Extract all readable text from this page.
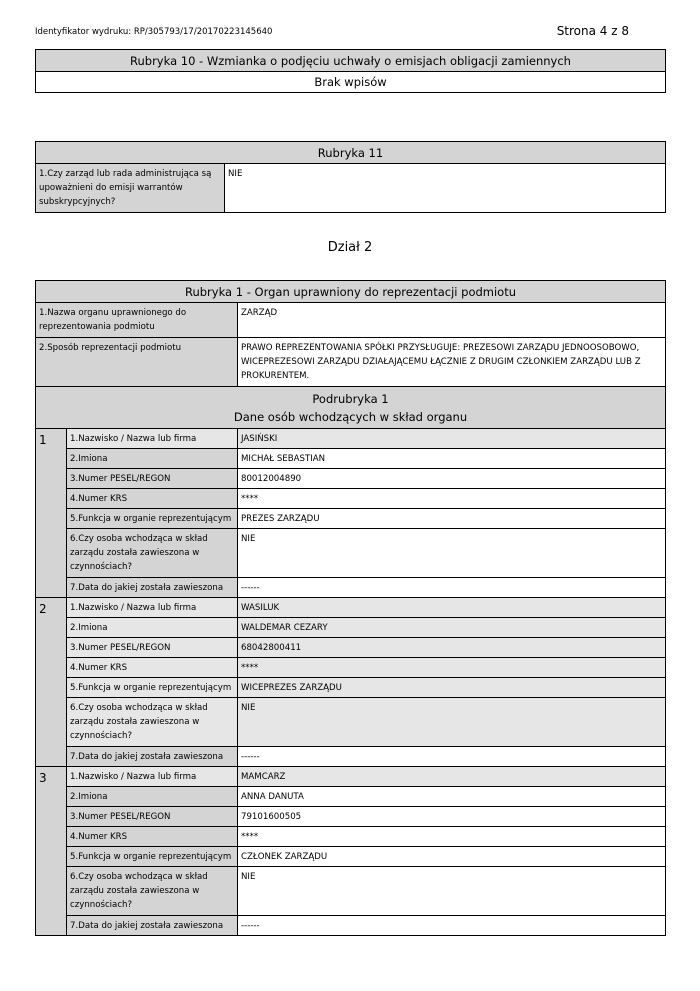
Identyfikator wydruku: RP/305793/17/20170223145640	Strona 4 z 8
Rubryka 10 - Wzmianka o podjęciu uchwały o emisjach obligacji zamiennych
Brak wpisów
Rubryka 11
1.Czy zarząd lub rada administrująca są upoważnieni do emisji warrantów subskrypcyjnych?	NIE
Dział 2
Rubryka 1 - Organ uprawniony do reprezentacji podmiotu		
1.Nazwa organu uprawnionego do reprezentowania podmiotu		ZARZĄD
2.Sposób reprezentacji podmiotu		PRAWO REPREZENTOWANIA SPÓŁKI PRZYSŁUGUJE: PREZESOWI ZARZĄDU JEDNOOSOBOWO, WICEPREZESOWI ZARZĄDU DZIAŁAJĄCEMU ŁĄCZNIE Z DRUGIM CZŁONKIEM ZARZĄDU LUB Z PROKURENTEM.

Podrubryka 1
Dane osób wchodzących w skład organu		

1	1.Nazwisko / Nazwa lub firma	JASIŃSKI
	2.Imiona	MICHAŁ SEBASTIAN
	3.Numer PESEL/REGON	80012004890
	4.Numer KRS	****
	5.Funkcja w organie reprezentującym	PREZES ZARZĄDU
	6.Czy osoba wchodząca w skład zarządu została zawieszona w czynnościach?	NIE
	7.Data do jakiej została zawieszona	------
2	1.Nazwisko / Nazwa lub firma	WASILUK
	2.Imiona	WALDEMAR CEZARY
	3.Numer PESEL/REGON	68042800411
	4.Numer KRS	****
	5.Funkcja w organie reprezentującym	WICEPREZES ZARZĄDU
	6.Czy osoba wchodząca w skład zarządu została zawieszona w czynnościach?	NIE
	7.Data do jakiej została zawieszona	------
3	1.Nazwisko / Nazwa lub firma	MAMCARZ
	2.Imiona	ANNA DANUTA
	3.Numer PESEL/REGON	79101600505
	4.Numer KRS	****
	5.Funkcja w organie reprezentującym	CZŁONEK ZARZĄDU
	6.Czy osoba wchodząca w skład zarządu została zawieszona w czynnościach?	NIE
	7.Data do jakiej została zawieszona	------
